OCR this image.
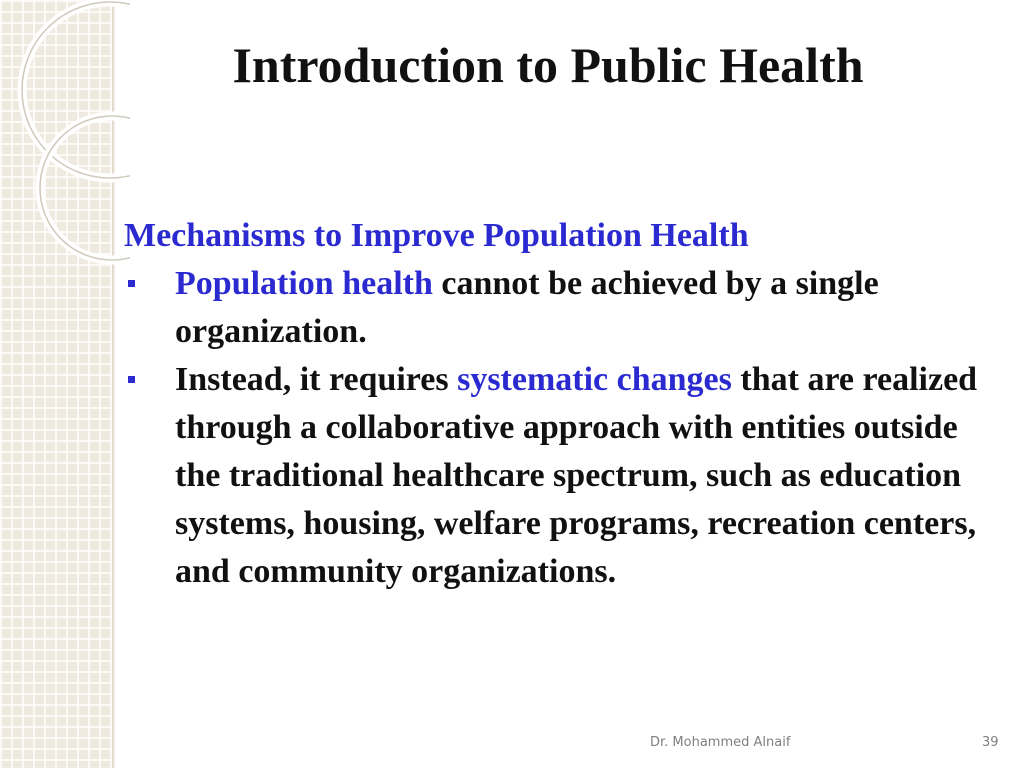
Introduction to Public Health
Mechanisms to Improve Population Health
Population health cannot be achieved by a single organization.
Instead, it requires systematic changes that are realized through a collaborative approach with entities outside the traditional healthcare spectrum, such as education systems, housing, welfare programs, recreation centers, and community organizations.
Dr. Mohammed Alnaif	39
